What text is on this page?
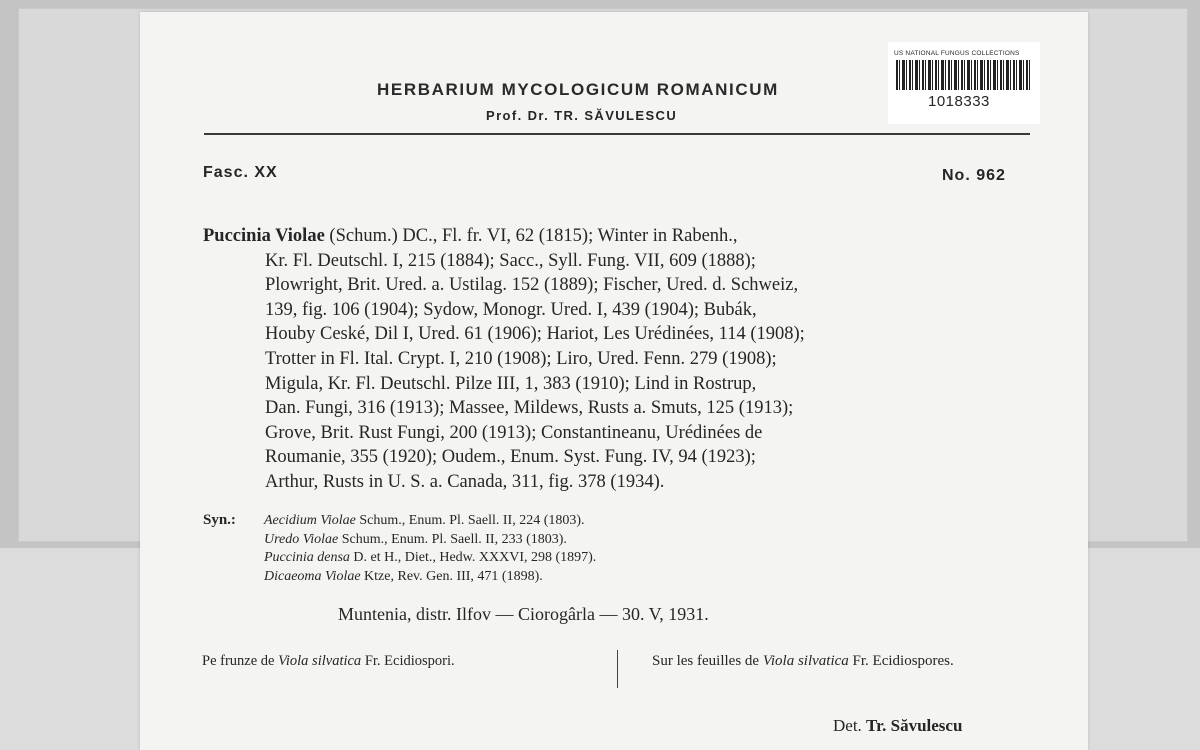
HERBARIUM MYCOLOGICUM ROMANICUM
Prof. Dr. TR. SĂVULESCU
US NATIONAL FUNGUS COLLECTIONS
1018333
Fasc. XX	No. 962
Puccinia Violae (Schum.) DC., Fl. fr. VI, 62 (1815); Winter in Rabenh.,
Kr. Fl. Deutschl. I, 215 (1884); Sacc., Syll. Fung. VII, 609 (1888);
Plowright, Brit. Ured. a. Ustilag. 152 (1889); Fischer, Ured. d. Schweiz,
139, fig. 106 (1904); Sydow, Monogr. Ured. I, 439 (1904); Bubák,
Houby Ceské, Dil I, Ured. 61 (1906); Hariot, Les Urédinées, 114 (1908);
Trotter in Fl. Ital. Crypt. I, 210 (1908); Liro, Ured. Fenn. 279 (1908);
Migula, Kr. Fl. Deutschl. Pilze III, 1, 383 (1910); Lind in Rostrup,
Dan. Fungi, 316 (1913); Massee, Mildews, Rusts a. Smuts, 125 (1913);
Grove, Brit. Rust Fungi, 200 (1913); Constantineanu, Urédinées de
Roumanie, 355 (1920); Oudem., Enum. Syst. Fung. IV, 94 (1923);
Arthur, Rusts in U. S. a. Canada, 311, fig. 378 (1934).
Syn.: Aecidium Violae Schum., Enum. Pl. Saell. II, 224 (1803).
Uredo Violae Schum., Enum. Pl. Saell. II, 233 (1803).
Puccinia densa D. et H., Diet., Hedw. XXXVI, 298 (1897).
Dicaeoma Violae Ktze, Rev. Gen. III, 471 (1898).
Muntenia, distr. Ilfov — Ciorogârla — 30. V, 1931.
Pe frunze de Viola silvatica Fr. Ecidiospori.	Sur les feuilles de Viola silvatica Fr. Ecidiospores.
Det. Tr. Săvulescu
